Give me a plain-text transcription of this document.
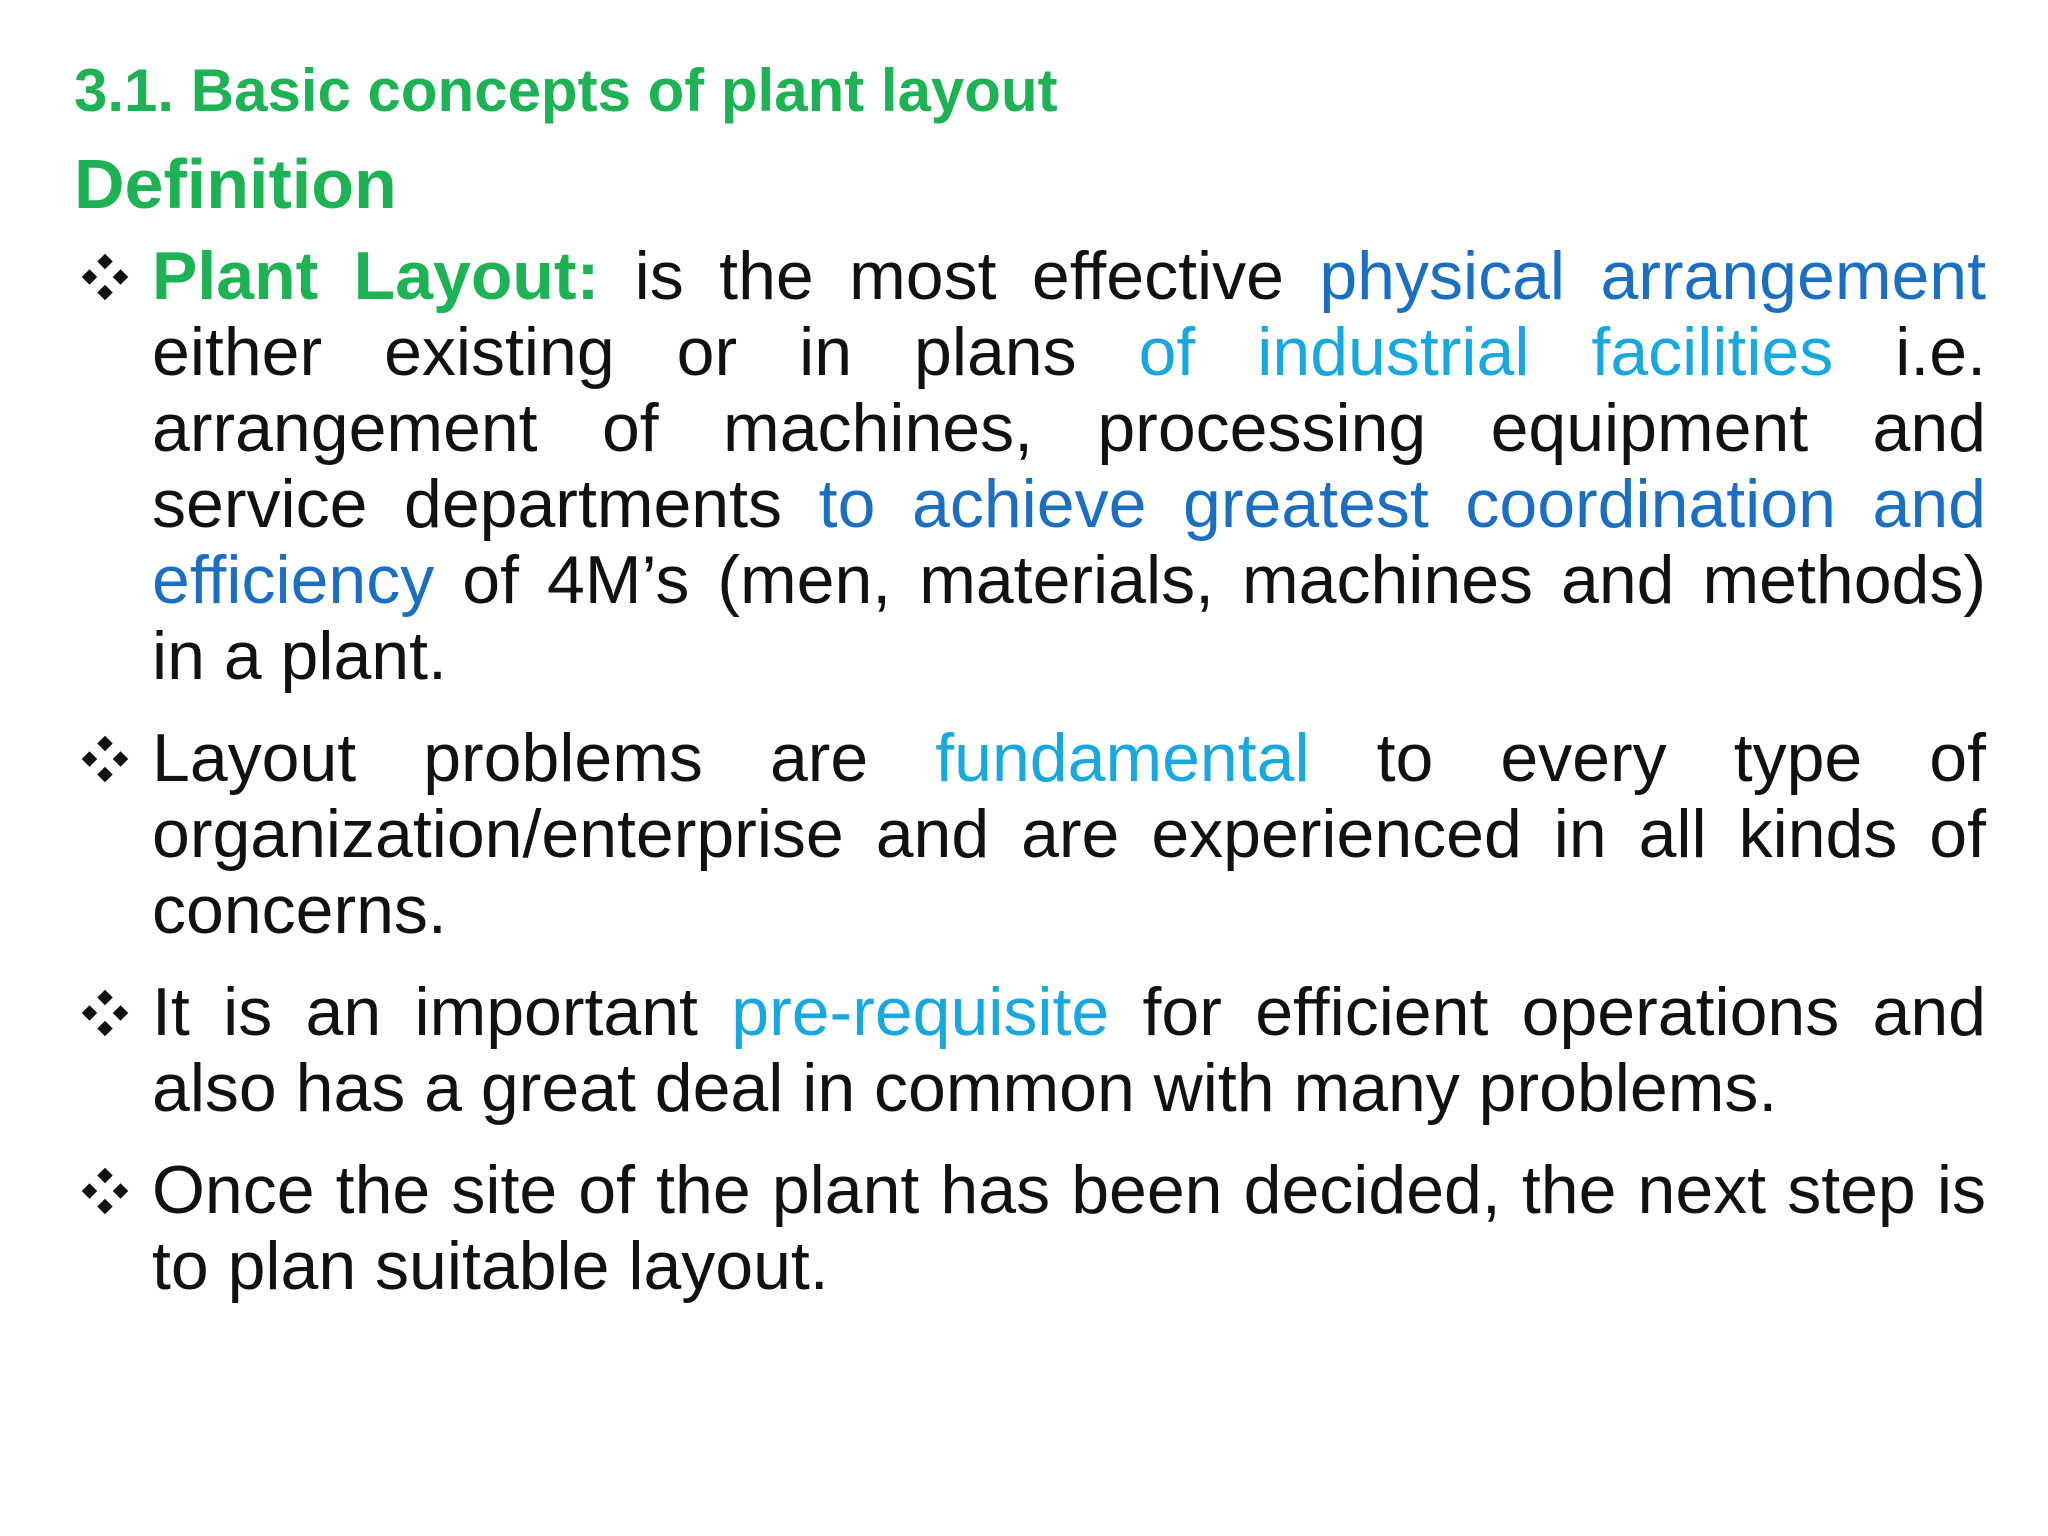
3.1. Basic concepts of plant layout
Definition
Plant Layout: is the most effective physical arrangement either existing or in plans of industrial facilities i.e. arrangement of machines, processing equipment and service departments to achieve greatest coordination and efficiency of 4M’s (men, materials, machines and methods) in a plant.
Layout problems are fundamental to every type of organization/enterprise and are experienced in all kinds of concerns.
It is an important pre-requisite for efficient operations and also has a great deal in common with many problems.
Once the site of the plant has been decided, the next step is to plan suitable layout.
